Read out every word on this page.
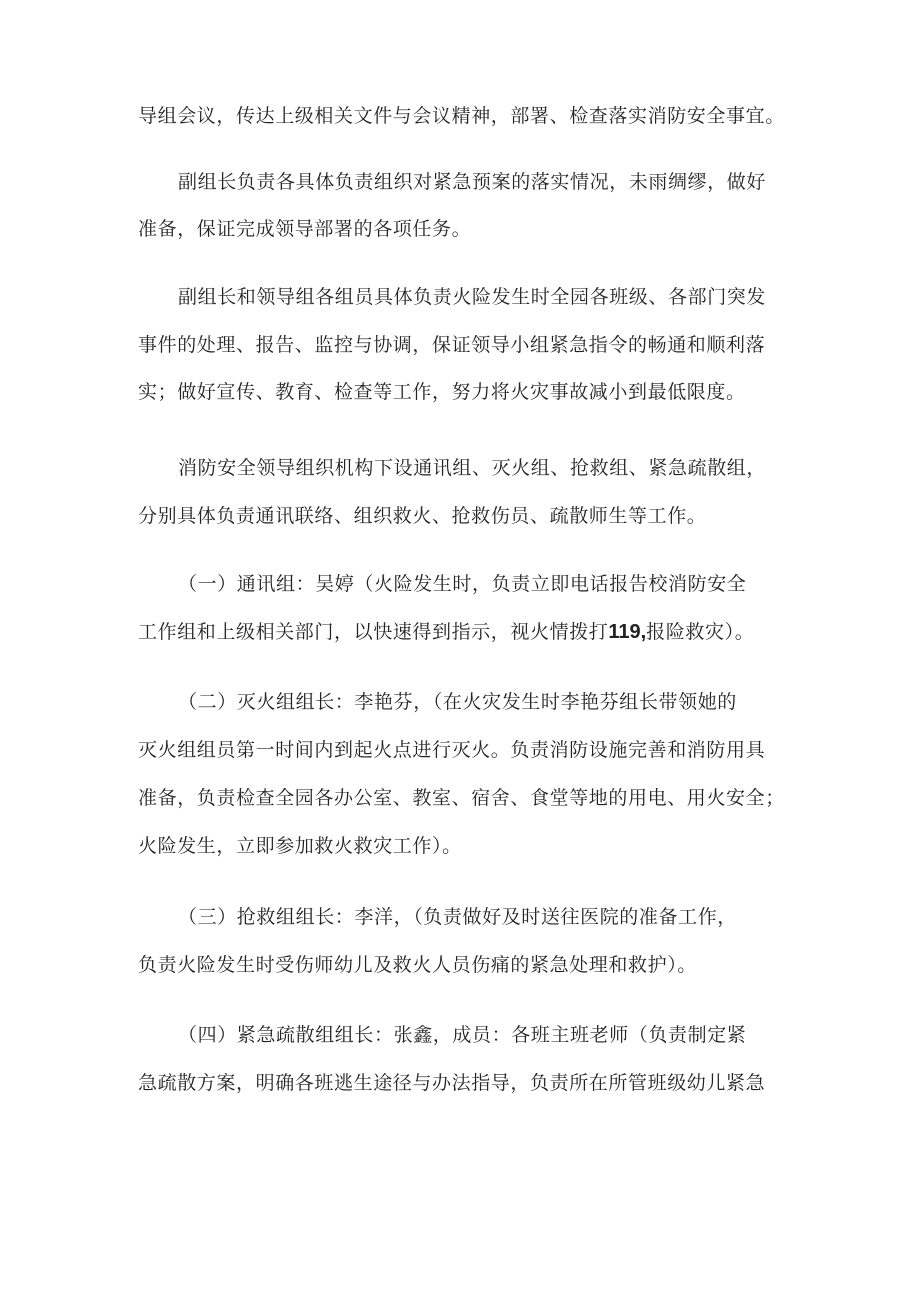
导组会议，传达上级相关文件与会议精神，部署、检查落实消防安全事宜。

副组长负责各具体负责组织对紧急预案的落实情况，未雨绸缪，做好

准备，保证完成领导部署的各项任务。

副组长和领导组各组员具体负责火险发生时全园各班级、各部门突发

事件的处理、报告、监控与协调，保证领导小组紧急指令的畅通和顺利落

实；做好宣传、教育、检查等工作，努力将火灾事故减小到最低限度。

消防安全领导组织机构下设通讯组、灭火组、抢救组、紧急疏散组，

分别具体负责通讯联络、组织救火、抢救伤员、疏散师生等工作。

（一）通讯组：吴婷（火险发生时，负责立即电话报告校消防安全

工作组和上级相关部门，以快速得到指示，视火情拨打119,报险救灾）。

（二）灭火组组长：李艳芬，（在火灾发生时李艳芬组长带领她的

灭火组组员第一时间内到起火点进行灭火。负责消防设施完善和消防用具

准备，负责检查全园各办公室、教室、宿舍、食堂等地的用电、用火安全；

火险发生，立即参加救火救灾工作）。

（三）抢救组组长：李洋，（负责做好及时送往医院的准备工作，

负责火险发生时受伤师幼儿及救火人员伤痛的紧急处理和救护）。

（四）紧急疏散组组长：张鑫，成员：各班主班老师（负责制定紧

急疏散方案，明确各班逃生途径与办法指导，负责所在所管班级幼儿紧急
